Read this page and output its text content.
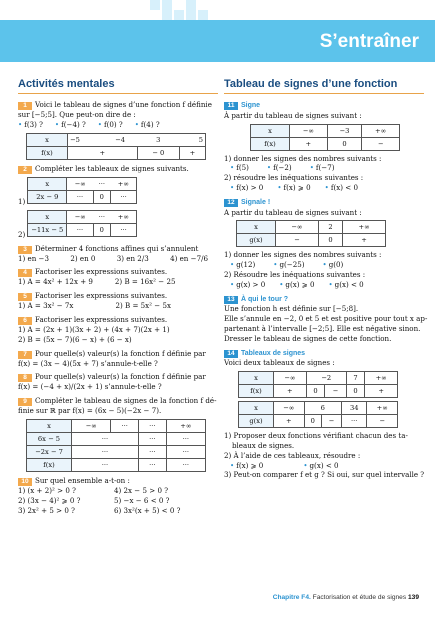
S’entraîner
Activités mentales
1 Voici le tableau de signes d’une fonction f définie
sur [−5;5]. Que peut-on dire de :
• f(3) ? • f(−4) ? • f(0) ? • f(4) ?
x	−5	−4	3	5
f(x)	+		− 0	+
2 Compléter les tableaux de signes suivants.
1)
x	−∞	···	+∞
2x − 9	···	0	···
2)
x	−∞	···	+∞
−11x − 5	···	0	···
3 Déterminer 4 fonctions affines qui s’annulent
1) en −3	2) en 0	3) en 2/3	4) en −7/6
4 Factoriser les expressions suivantes.
1) A = 4x² + 12x + 9	2) B = 16x² − 25
5 Factoriser les expressions suivantes.
1) A = 3x² − 7x	2) B = 5x² − 5x
6 Factoriser les expressions suivantes.
1) A = (2x + 1)(3x + 2) + (4x + 7)(2x + 1)
2) B = (5x − 7)(6 − x) + (6 − x)
7 Pour quelle(s) valeur(s) la fonction f définie par
f(x) = (3x − 4)(5x + 7) s’annule-t-elle ?
8 Pour quelle(s) valeur(s) la fonction f définie par
f(x) = (−4 + x)/(2x + 1) s’annule-t-elle ?
9 Compléter le tableau de signes de la fonction f dé-
finie sur ℝ par f(x) = (6x − 5)(−2x − 7).
x	−∞	···	···	+∞
6x − 5	···		···	···
−2x − 7	···		···	···
f(x)	···		···	···
10 Sur quel ensemble a-t-on :
1) (x + 2)² > 0 ?	4) 2x − 5 > 0 ?
2) (3x − 4)² ⩾ 0 ?	5) −x − 6 < 0 ?
3) 2x² + 5 > 0 ?	6) 3x²(x + 5) < 0 ?
Tableau de signes d’une fonction
11 Signe
À partir du tableau de signes suivant :
x	−∞	−3	+∞
f(x)	+	0	−
1) donner les signes des nombres suivants :
• f(5)	• f(−2)	• f(−7)
2) résoudre les inéquations suivantes :
• f(x) > 0 • f(x) ⩾ 0 • f(x) < 0
12 Signale !
A partir du tableau de signes suivant :
x	−∞	2	+∞
g(x)	−	0	+
1) donner les signes des nombres suivants :
• g(12)	• g(−25)	• g(0)
2) Résoudre les inéquations suivantes :
• g(x) > 0 • g(x) ⩾ 0 • g(x) < 0
13 À qui le tour ?
Une fonction h est définie sur [−5;8].
Elle s’annule en −2, 0 et 5 et est positive pour tout x ap-
partenant à l’intervalle [−2;5]. Elle est négative sinon.
Dresser le tableau de signes de cette fonction.
14 Tableaux de signes
Voici deux tableaux de signes :
x	−∞	−2		7	+∞
f(x)	+	0	−	0	+
x	−∞	6		34	+∞
g(x)	+	0	−	···	−
1) Proposer deux fonctions vérifiant chacun des ta-
bleaux de signes.
2) À l’aide de ces tableaux, résoudre :
• f(x) ⩾ 0	• g(x) < 0
3) Peut-on comparer f et g ? Si oui, sur quel intervalle ?
Chapitre F4. Factorisation et étude de signes 139
